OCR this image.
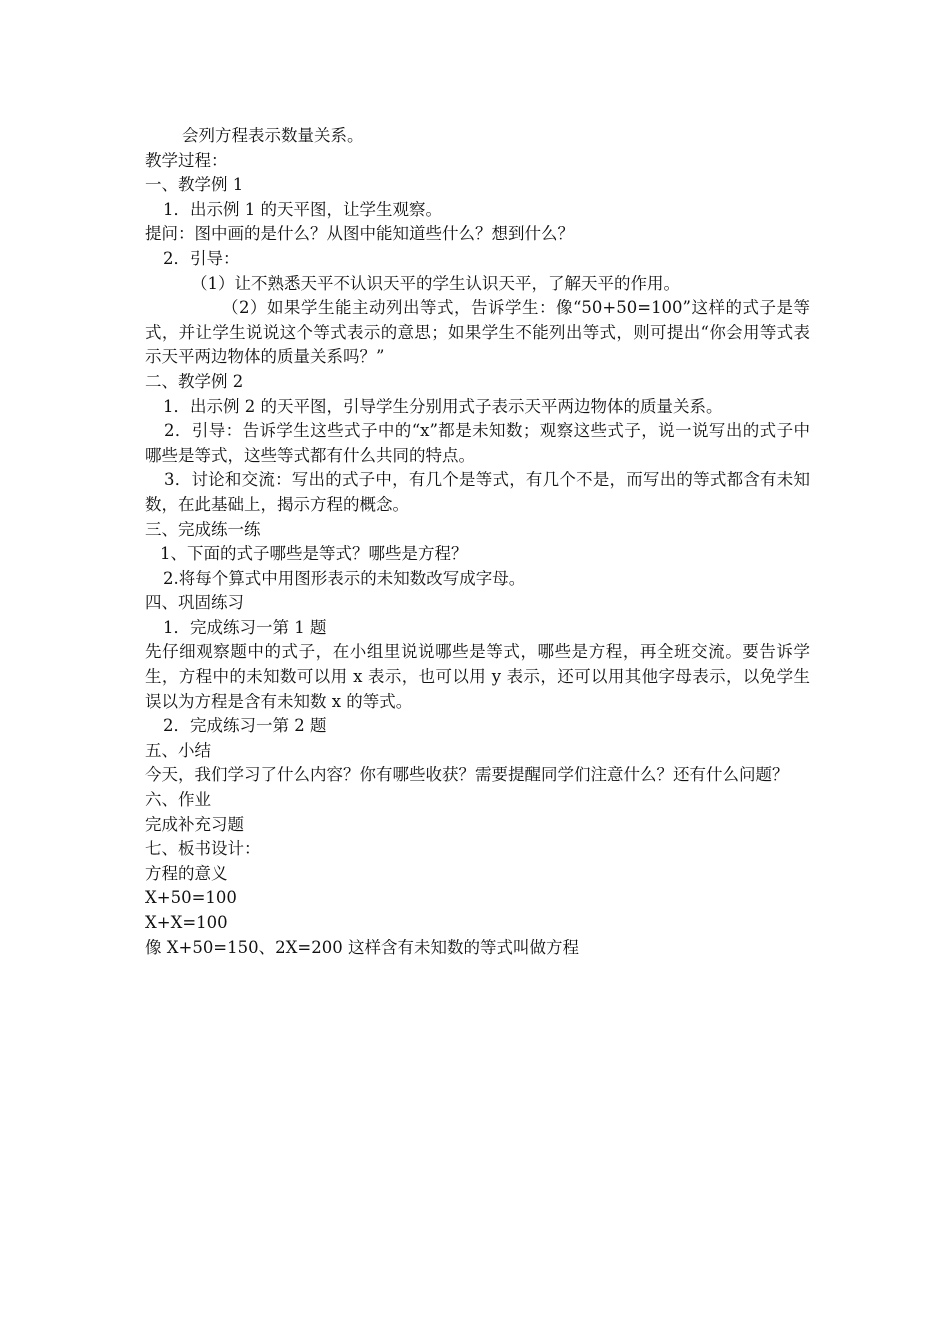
会列方程表示数量关系。

教学过程：

一、教学例 1

1．出示例 1 的天平图，让学生观察。

提问：图中画的是什么？从图中能知道些什么？想到什么？

2．引导：

（1）让不熟悉天平不认识天平的学生认识天平，了解天平的作用。

（2）如果学生能主动列出等式，告诉学生：像“50+50=100”这样的式子是等式，并让学生说说这个等式表示的意思；如果学生不能列出等式，则可提出“你会用等式表示天平两边物体的质量关系吗？”

二、教学例 2

1．出示例 2 的天平图，引导学生分别用式子表示天平两边物体的质量关系。

2．引导：告诉学生这些式子中的“x”都是未知数；观察这些式子，说一说写出的式子中哪些是等式，这些等式都有什么共同的特点。

3．讨论和交流：写出的式子中，有几个是等式，有几个不是，而写出的等式都含有未知数，在此基础上，揭示方程的概念。

三、完成练一练

1、下面的式子哪些是等式？哪些是方程？

2.将每个算式中用图形表示的未知数改写成字母。

四、巩固练习

1．完成练习一第 1 题

先仔细观察题中的式子，在小组里说说哪些是等式，哪些是方程，再全班交流。要告诉学生，方程中的未知数可以用 x 表示，也可以用 y 表示，还可以用其他字母表示，以免学生误以为方程是含有未知数 x 的等式。

2．完成练习一第 2 题

五、小结

今天，我们学习了什么内容？你有哪些收获？需要提醒同学们注意什么？还有什么问题？

六、作业

完成补充习题

七、板书设计：

方程的意义

X+50=100

X+X=100

像 X+50=150、2X=200 这样含有未知数的等式叫做方程
